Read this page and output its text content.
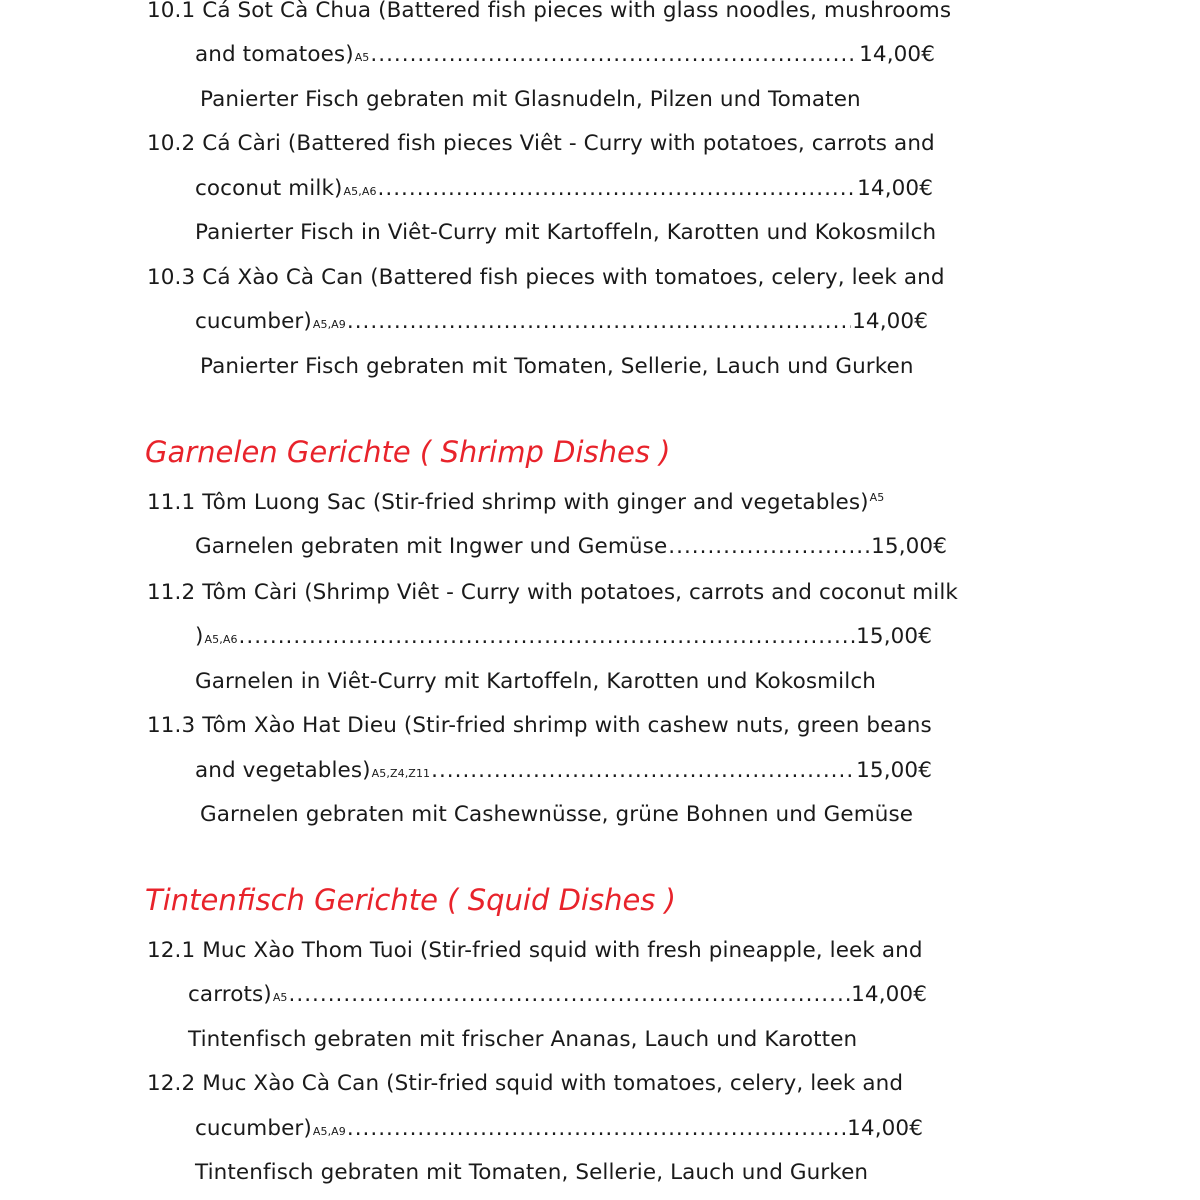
10.1 Cá Sot Cà Chua (Battered fish pieces with glass noodles, mushrooms
and tomatoes) A5 .....	14,00€
Panierter Fisch gebraten mit Glasnudeln, Pilzen und Tomaten
10.2 Cá Càri (Battered fish pieces Viêt - Curry with potatoes, carrots and
coconut milk) A5,A6 .....	14,00€
Panierter Fisch in Viêt-Curry mit Kartoffeln, Karotten und Kokosmilch
10.3 Cá Xào Cà Can (Battered fish pieces with tomatoes, celery, leek and
cucumber) A5,A9 .....	14,00€
Panierter Fisch gebraten mit Tomaten, Sellerie, Lauch und Gurken
Garnelen Gerichte ( Shrimp Dishes )
11.1 Tôm Luong Sac (Stir-fried shrimp with ginger and vegetables)$^{A5}$
Garnelen gebraten mit Ingwer und Gemüse .....	15,00€
11.2 Tôm Càri (Shrimp Viêt - Curry with potatoes, carrots and coconut milk
) A5,A6 .....	15,00€
Garnelen in Viêt-Curry mit Kartoffeln, Karotten und Kokosmilch
11.3 Tôm Xào Hat Dieu (Stir-fried shrimp with cashew nuts, green beans
and vegetables) A5,Z4,Z11 .....	15,00€
Garnelen gebraten mit Cashewnüsse, grüne Bohnen und Gemüse
Tintenfisch Gerichte ( Squid Dishes )
12.1 Muc Xào Thom Tuoi (Stir-fried squid with fresh pineapple, leek and
carrots) A5 .....	14,00€
Tintenfisch gebraten mit frischer Ananas, Lauch und Karotten
12.2 Muc Xào Cà Can (Stir-fried squid with tomatoes, celery, leek and
cucumber) A5,A9 .....	14,00€
Tintenfisch gebraten mit Tomaten, Sellerie, Lauch und Gurken
